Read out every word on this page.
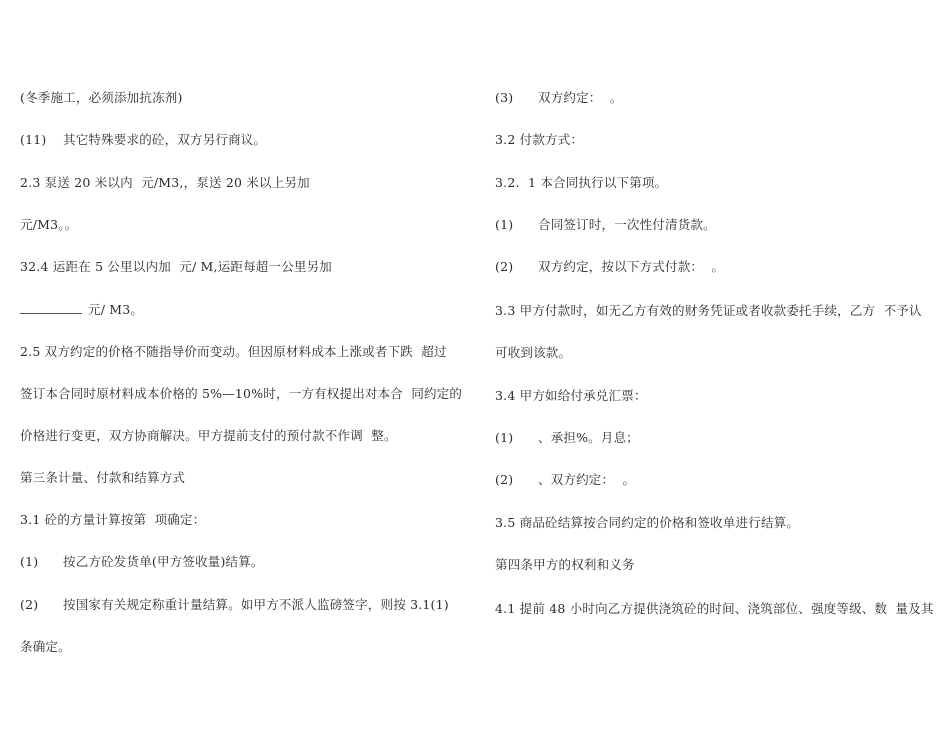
(冬季施工，必须添加抗冻剂)
(11) 其它特殊要求的砼，双方另行商议。
2.3 泵送 20 米以内  元/M3,，泵送 20 米以上另加
元/M3。。
32.4 运距在 5 公里以内加  元/ M,运距每超一公里另加
元/ M3。
2.5 双方约定的价格不随指导价而变动。但因原材料成本上涨或者下跌  超过
签订本合同时原材料成本价格的 5%—10%时，一方有权提出对本合  同约定的
价格进行变更，双方协商解决。甲方提前支付的预付款不作调  整。
第三条计量、付款和结算方式
3.1 砼的方量计算按第  项确定：
(1) 按乙方砼发货单(甲方签收量)结算。
(2) 按国家有关规定称重计量结算。如甲方不派人监磅签字，则按 3.1(1)
条确定。
(3) 双方约定：  。
3.2 付款方式：
3.2.  1 本合同执行以下第项。
(1) 合同签订时，一次性付清货款。
(2) 双方约定，按以下方式付款：  。
3.3 甲方付款时，如无乙方有效的财务凭证或者收款委托手续，乙方  不予认
可收到该款。
3.4 甲方如给付承兑汇票：
(1) 、承担%。月息；
(2) 、双方约定：  。
3.5 商品砼结算按合同约定的价格和签收单进行结算。
第四条甲方的权利和义务
4.1 提前 48 小时向乙方提供浇筑砼的时间、浇筑部位、强度等级、数  量及其
